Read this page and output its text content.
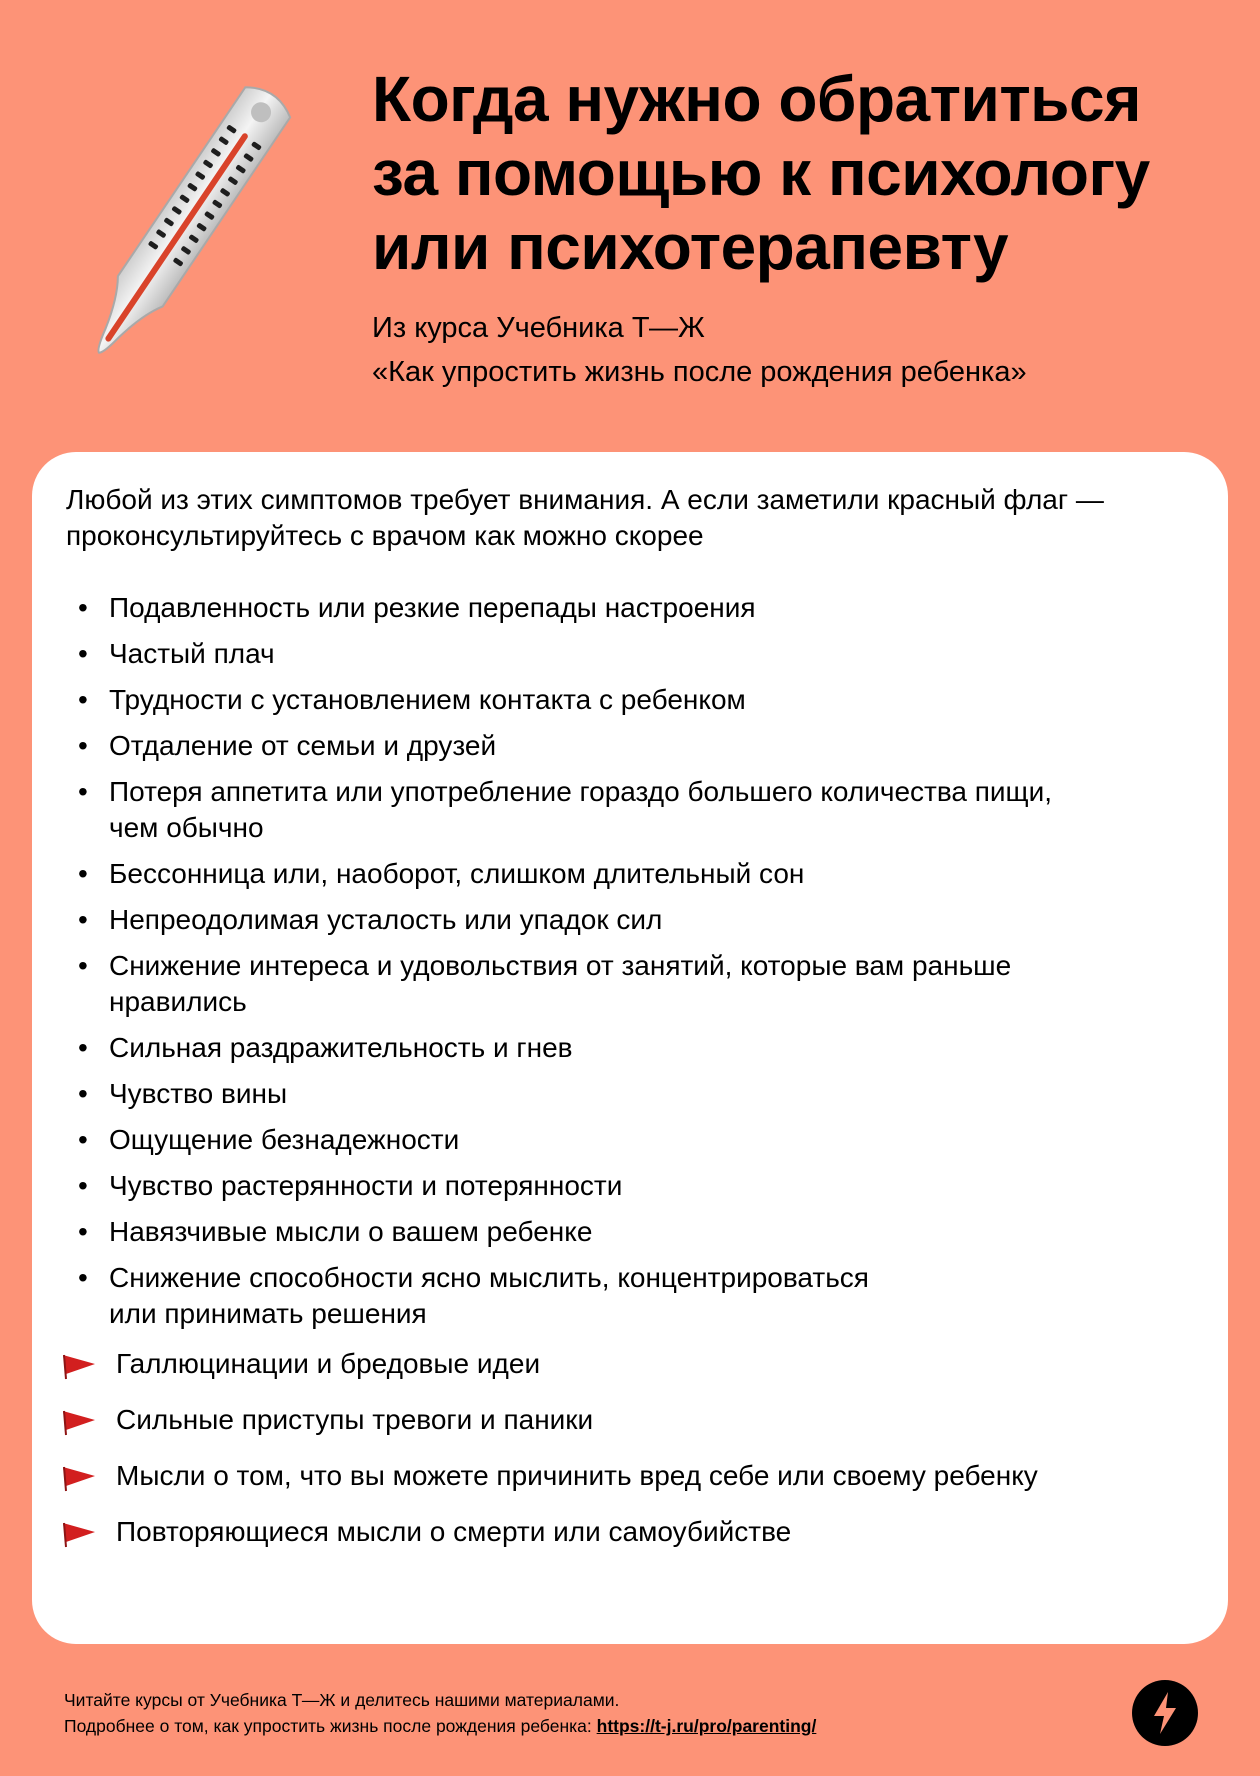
Когда нужно обратиться
за помощью к психологу
или психотерапевту
Из курса Учебника Т—Ж
«Как упростить жизнь после рождения ребенка»

Любой из этих симптомов требует внимания. А если заметили красный флаг — проконсультируйтесь с врачом как можно скорее

• Подавленность или резкие перепады настроения
• Частый плач
• Трудности с установлением контакта с ребенком
• Отдаление от семьи и друзей
• Потеря аппетита или употребление гораздо большего количества пищи,
чем обычно
• Бессонница или, наоборот, слишком длительный сон
• Непреодолимая усталость или упадок сил
• Снижение интереса и удовольствия от занятий, которые вам раньше
нравились
• Сильная раздражительность и гнев
• Чувство вины
• Ощущение безнадежности
• Чувство растерянности и потерянности
• Навязчивые мысли о вашем ребенке
• Снижение способности ясно мыслить, концентрироваться
или принимать решения
Галлюцинации и бредовые идеи
Сильные приступы тревоги и паники
Мысли о том, что вы можете причинить вред себе или своему ребенку
Повторяющиеся мысли о смерти или самоубийстве
Читайте курсы от Учебника Т—Ж и делитесь нашими материалами.
Подробнее о том, как упростить жизнь после рождения ребенка: https://t-j.ru/pro/parenting/
